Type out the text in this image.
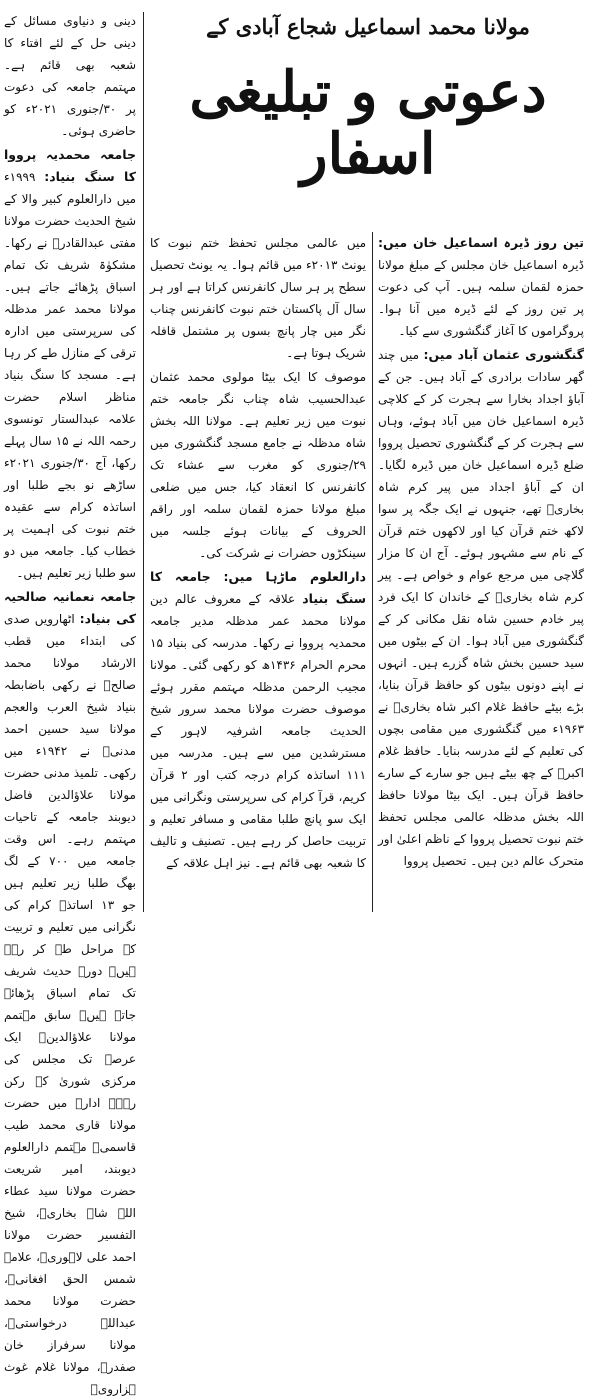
مولانا محمد اسماعیل شجاع آبادی کے
دعوتی و تبلیغی اسفار

تین روز ڈیرہ اسماعیل خان میں: ڈیرہ اسماعیل خان مجلس کے مبلغ مولانا حمزہ لقمان سلمہ ہیں۔ آپ کی دعوت پر تین روز کے لئے ڈیرہ میں آنا ہوا۔ پروگراموں کا آغاز گنگشوری سے کیا۔

گنگشوری عثمان آباد میں: میں چند گھر سادات برادری کے آباد ہیں۔ جن کے آباؤ اجداد بخارا سے ہجرت کر کے کلاچی ڈیرہ اسماعیل خان میں آباد ہوئے، وہاں سے ہجرت کر کے گنگشوری تحصیل پرووا ضلع ڈیرہ اسماعیل خان میں ڈیرہ لگایا۔ ان کے آباؤ اجداد میں پیر کرم شاہ بخاریؒ تھے، جنہوں نے ایک جگہ پر سوا لاکھ ختم قرآن کیا اور لاکھوں ختم قرآن کے نام سے مشہور ہوئے۔ آج ان کا مزار گلاچی میں مرجع عوام و خواص ہے۔ پیر کرم شاہ بخاریؒ کے خاندان کا ایک فرد پیر خادم حسین شاہ نقل مکانی کر کے گنگشوری میں آباد ہوا۔ ان کے بیٹوں میں سید حسین بخش شاہ گزرے ہیں۔ انہوں نے اپنے دونوں بیٹوں کو حافظ قرآن بنایا، بڑے بیٹے حافظ غلام اکبر شاہ بخاریؒ نے ۱۹۶۳ء میں گنگشوری میں مقامی بچوں کی تعلیم کے لئے مدرسہ بنایا۔ حافظ غلام اکبرؒ کے چھ بیٹے ہیں جو سارے کے سارے حافظ قرآن ہیں۔ ایک بیٹا مولانا حافظ اللہ بخش مدظلہ عالمی مجلس تحفظ ختم نبوت تحصیل پرووا کے ناظم اعلیٰ اور متحرک عالم دین ہیں۔ تحصیل پرووا

میں عالمی مجلس تحفظ ختم نبوت کا یونٹ ۲۰۱۳ء میں قائم ہوا۔ یہ یونٹ تحصیل سطح پر ہر سال کانفرنس کراتا ہے اور ہر سال آل پاکستان ختم نبوت کانفرنس چناب نگر میں چار پانچ بسوں پر مشتمل قافلہ شریک ہوتا ہے۔

موصوف کا ایک بیٹا مولوی محمد عثمان عبدالحسیب شاہ چناب نگر جامعہ ختم نبوت میں زیر تعلیم ہے۔ مولانا اللہ بخش شاہ مدظلہ نے جامع مسجد گنگشوری میں ۲۹/جنوری کو مغرب سے عشاء تک کانفرنس کا انعقاد کیا، جس میں ضلعی مبلغ مولانا حمزہ لقمان سلمہ اور راقم الحروف کے بیانات ہوئے جلسہ میں سینکڑوں حضرات نے شرکت کی۔

دارالعلوم ماڑہا میں: جامعہ کا سنگ بنیاد علاقہ کے معروف عالم دین مولانا محمد عمر مدظلہ مدیر جامعہ محمدیہ پرووا نے رکھا۔ مدرسہ کی بنیاد ۱۵ محرم الحرام ۱۴۳۶ھ کو رکھی گئی۔ مولانا مجیب الرحمن مدظلہ مہتمم مقرر ہوئے موصوف حضرت مولانا محمد سرور شیخ الحدیث جامعہ اشرفیہ لاہور کے مسترشدین میں سے ہیں۔ مدرسہ میں ۱۱۱ اساتذہ کرام درجہ کتب اور ۲ قرآن کریم، قرآ کرام کی سرپرستی ونگرانی میں ایک سو پانچ طلبا مقامی و مسافر تعلیم و تربیت حاصل کر رہے ہیں۔ تصنیف و تالیف کا شعبہ بھی قائم ہے۔ نیز اہل علاقہ کے

دینی و دنیاوی مسائل کے دینی حل کے لئے افتاء کا شعبہ بھی قائم ہے۔ مہتمم جامعہ کی دعوت پر ۳۰/جنوری ۲۰۲۱ء کو حاضری ہوئی۔

جامعہ محمدیہ پرووا کا سنگ بنیاد: ۱۹۹۹ء میں دارالعلوم کبیر والا کے شیخ الحدیث حضرت مولانا مفتی عبدالقادرؒ نے رکھا۔ مشکوٰۃ شریف تک تمام اسباق پڑھائے جاتے ہیں۔ مولانا محمد عمر مدظلہ کی سرپرستی میں ادارہ ترقی کے منازل طے کر رہا ہے۔ مسجد کا سنگ بنیاد مناظر اسلام حضرت علامہ عبدالستار تونسوی رحمہ اللہ نے ۱۵ سال پہلے رکھا، آج ۳۰/جنوری ۲۰۲۱ء ساڑھے نو بجے طلبا اور اساتذہ کرام سے عقیدہ ختم نبوت کی اہمیت پر خطاب کیا۔ جامعہ میں دو سو طلبا زیر تعلیم ہیں۔

جامعہ نعمانیہ صالحیہ کی بنیاد: اٹھارویں صدی کی ابتداء میں قطب الارشاد مولانا محمد صالحؒ نے رکھی باضابطہ بنیاد شیخ العرب والعجم مولانا سید حسین احمد مدنیؒ نے ۱۹۴۲ء میں رکھی۔ تلمیذ مدنی حضرت مولانا علاؤالدین فاضل دیوبند جامعہ کے تاحیات مہتمم رہے۔ اس وقت جامعہ میں ۷۰۰ کے لگ بھگ طلبا زیر تعلیم ہیں جو ۱۳ اساتذہ کرام کی نگرانی میں تعلیم و تربیت کے مراحل طے کر رہے ہیں۔ دورۂ حدیث شریف تک تمام اسباق پڑھائے جاتے ہیں۔ سابق مہتمم مولانا علاؤالدینؒ ایک عرصہ تک مجلس کی مرکزی شوریٰ کے رکن رہے۔ ادارہ میں حضرت مولانا قاری محمد طیب قاسمیؒ مہتمم دارالعلوم دیوبند، امیر شریعت حضرت مولانا سید عطاء اللہ شاہ بخاریؒ، شیخ التفسیر حضرت مولانا احمد علی لاہوریؒ، علامہ شمس الحق افغانیؒ، حضرت مولانا محمد عبداللہ درخواستیؒ، مولانا سرفراز خان صفدرؒ، مولانا غلام غوث ہزارویؒ
